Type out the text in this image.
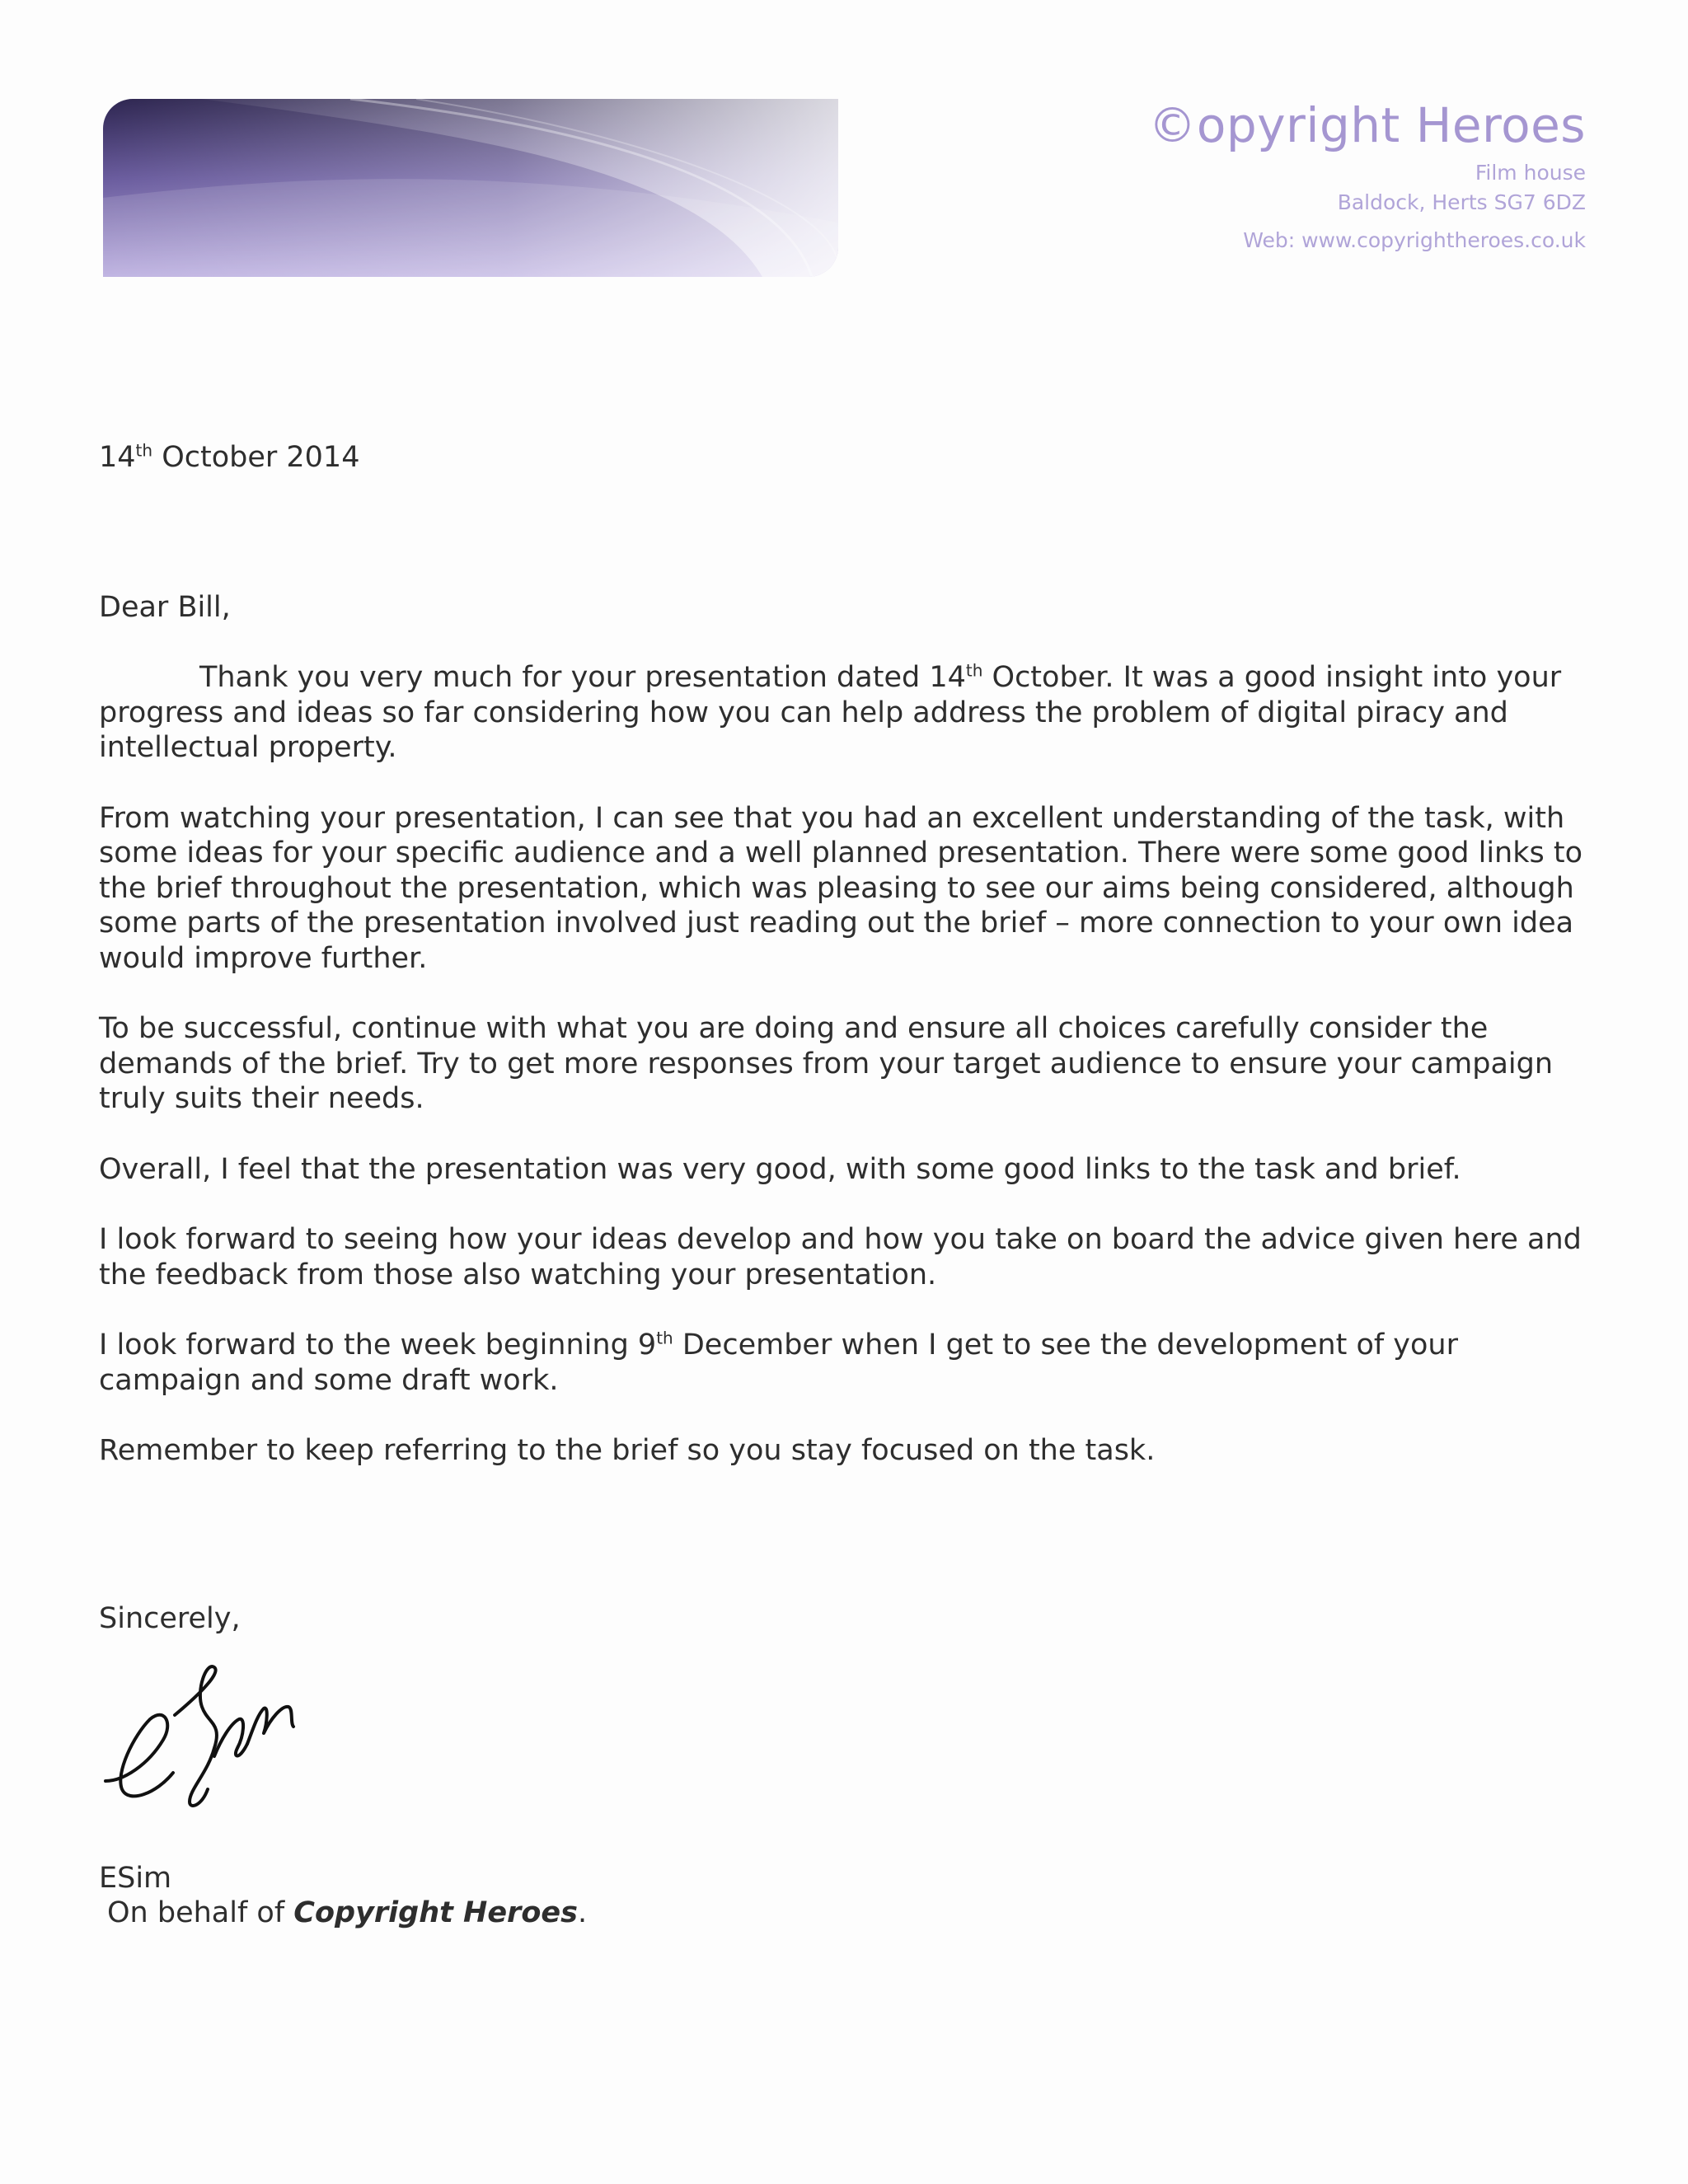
©opyright Heroes
Film house
Baldock, Herts SG7 6DZ
Web: www.copyrightheroes.co.uk

14th October 2014

Dear Bill,

Thank you very much for your presentation dated 14th October. It was a good insight into your progress and ideas so far considering how you can help address the problem of digital piracy and intellectual property.

From watching your presentation, I can see that you had an excellent understanding of the task, with some ideas for your specific audience and a well planned presentation. There were some good links to the brief throughout the presentation, which was pleasing to see our aims being considered, although some parts of the presentation involved just reading out the brief – more connection to your own idea would improve further.

To be successful, continue with what you are doing and ensure all choices carefully consider the demands of the brief. Try to get more responses from your target audience to ensure your campaign truly suits their needs.

Overall, I feel that the presentation was very good, with some good links to the task and brief.

I look forward to seeing how your ideas develop and how you take on board the advice given here and the feedback from those also watching your presentation.

I look forward to the week beginning 9th December when I get to see the development of your campaign and some draft work.

Remember to keep referring to the brief so you stay focused on the task.

Sincerely,

ESim

On behalf of Copyright Heroes.
